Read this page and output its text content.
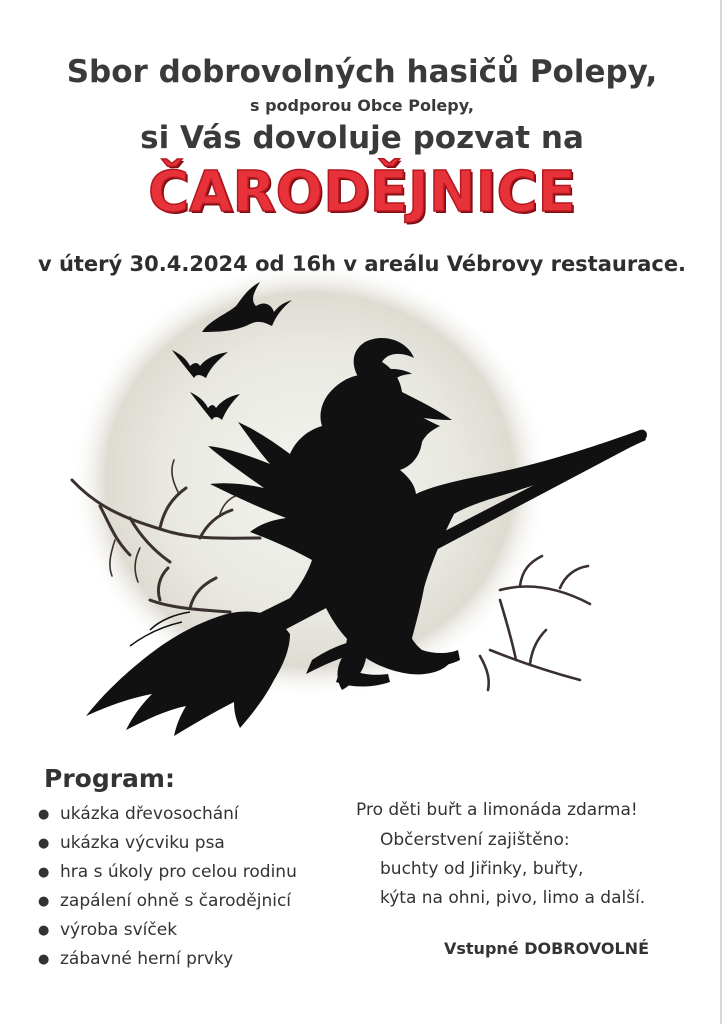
Sbor dobrovolných hasičů Polepy,
s podporou Obce Polepy,
si Vás dovoluje pozvat na
ČARODĚJNICE
v úterý 30.4.2024 od 16h v areálu Vébrovy restaurace.
Program:
● ukázka dřevosochání
● ukázka výcviku psa
● hra s úkoly pro celou rodinu
● zapálení ohně s čarodějnicí
● výroba svíček
● zábavné herní prvky
Pro děti buřt a limonáda zdarma!
Občerstvení zajištěno:
buchty od Jiřinky, buřty,
kýta na ohni, pivo, limo a další.
Vstupné DOBROVOLNÉ
